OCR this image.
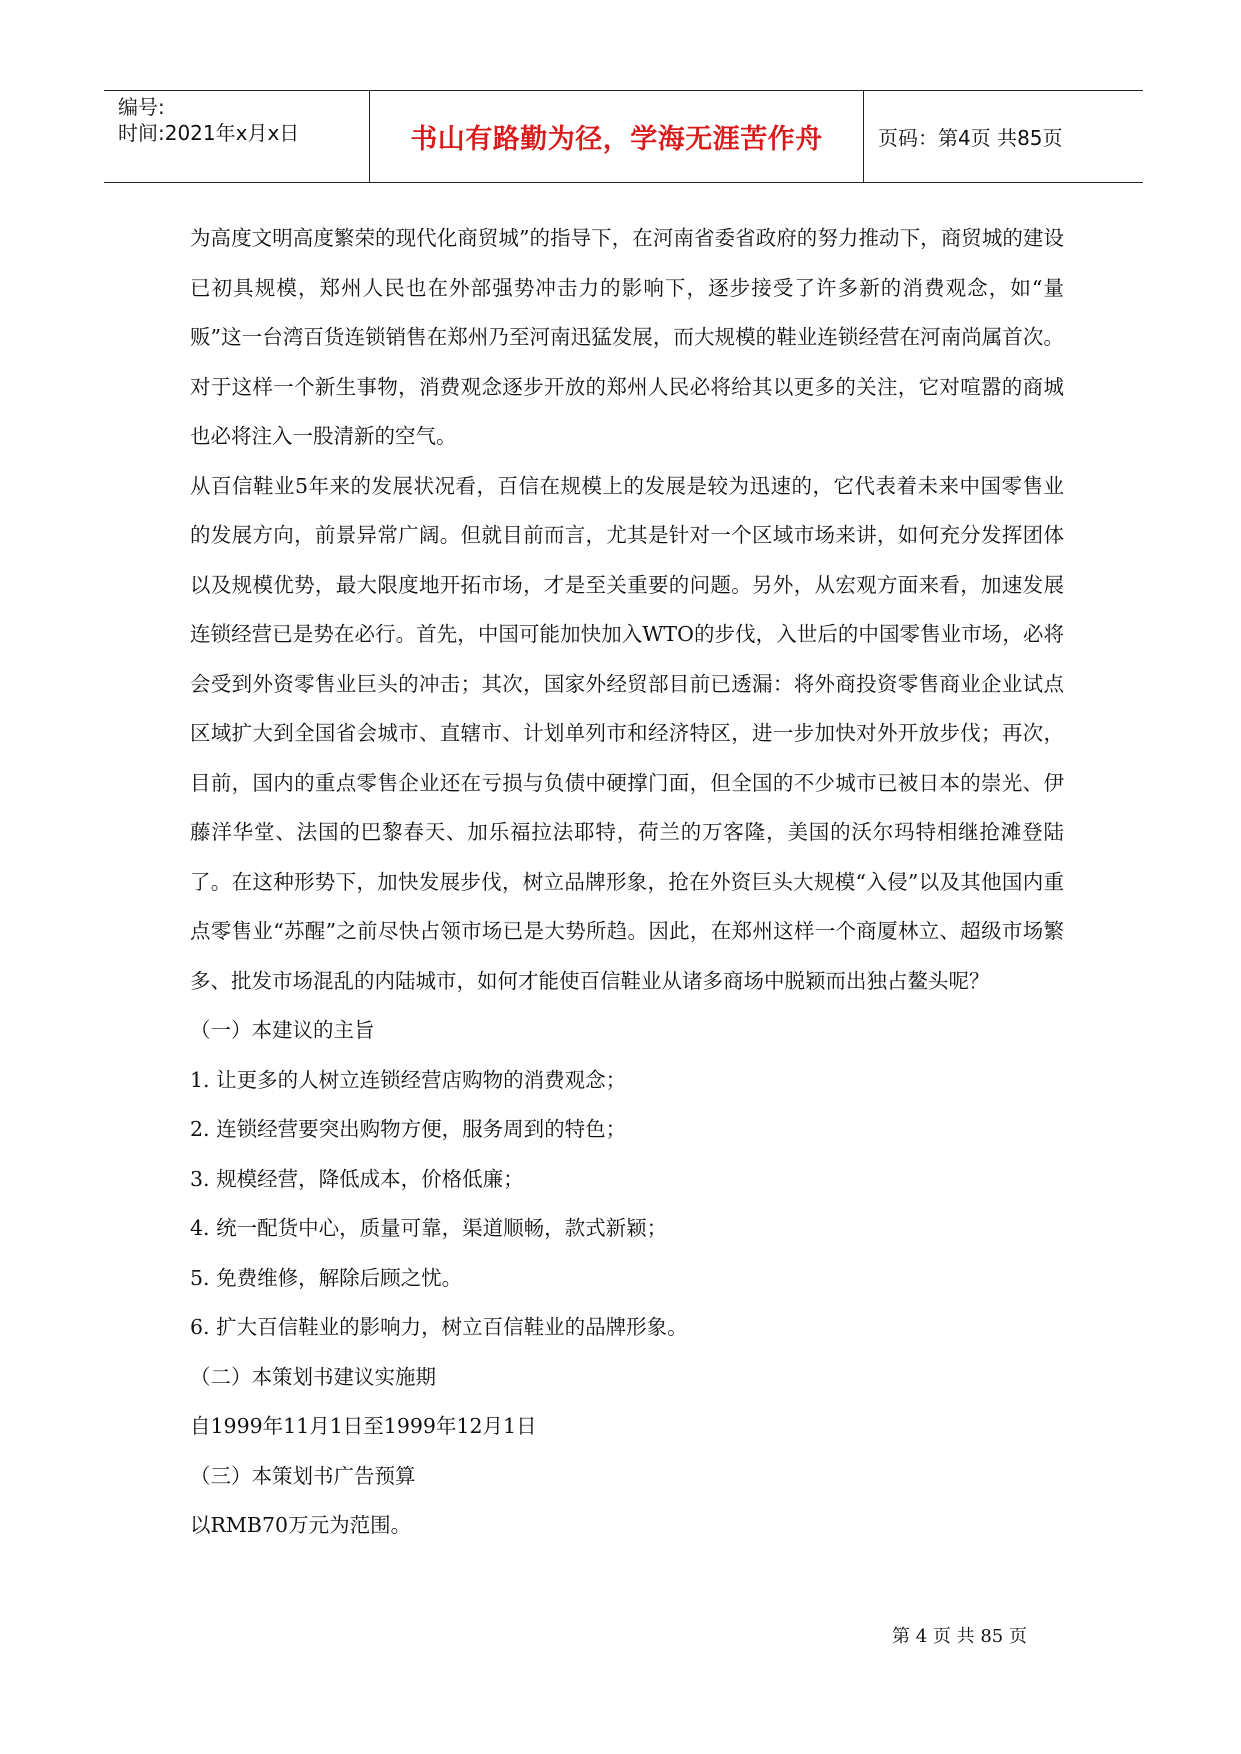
编号:
时间:2021年x月x日	书山有路勤为径，学海无涯苦作舟	页码：第4页 共85页

为高度文明高度繁荣的现代化商贸城”的指导下，在河南省委省政府的努力推动下，商贸城的建设已初具规模，郑州人民也在外部强势冲击力的影响下，逐步接受了许多新的消费观念，如“量贩”这一台湾百货连锁销售在郑州乃至河南迅猛发展，而大规模的鞋业连锁经营在河南尚属首次。对于这样一个新生事物，消费观念逐步开放的郑州人民必将给其以更多的关注，它对喧嚣的商城也必将注入一股清新的空气。

从百信鞋业5年来的发展状况看，百信在规模上的发展是较为迅速的，它代表着未来中国零售业的发展方向，前景异常广阔。但就目前而言，尤其是针对一个区域市场来讲，如何充分发挥团体以及规模优势，最大限度地开拓市场，才是至关重要的问题。另外，从宏观方面来看，加速发展连锁经营已是势在必行。首先，中国可能加快加入WTO的步伐，入世后的中国零售业市场，必将会受到外资零售业巨头的冲击；其次，国家外经贸部目前已透漏：将外商投资零售商业企业试点区域扩大到全国省会城市、直辖市、计划单列市和经济特区，进一步加快对外开放步伐；再次，目前，国内的重点零售企业还在亏损与负债中硬撑门面，但全国的不少城市已被日本的崇光、伊藤洋华堂、法国的巴黎春天、加乐福拉法耶特，荷兰的万客隆，美国的沃尔玛特相继抢滩登陆了。在这种形势下，加快发展步伐，树立品牌形象，抢在外资巨头大规模“入侵”以及其他国内重点零售业“苏醒”之前尽快占领市场已是大势所趋。因此，在郑州这样一个商厦林立、超级市场繁多、批发市场混乱的内陆城市，如何才能使百信鞋业从诸多商场中脱颖而出独占鳌头呢？

（一）本建议的主旨
1. 让更多的人树立连锁经营店购物的消费观念；
2. 连锁经营要突出购物方便，服务周到的特色；
3. 规模经营，降低成本，价格低廉；
4. 统一配货中心，质量可靠，渠道顺畅，款式新颖；
5. 免费维修，解除后顾之忧。
6. 扩大百信鞋业的影响力，树立百信鞋业的品牌形象。
（二）本策划书建议实施期
自1999年11月1日至1999年12月1日
（三）本策划书广告预算
以RMB70万元为范围。
第 4 页 共 85 页
